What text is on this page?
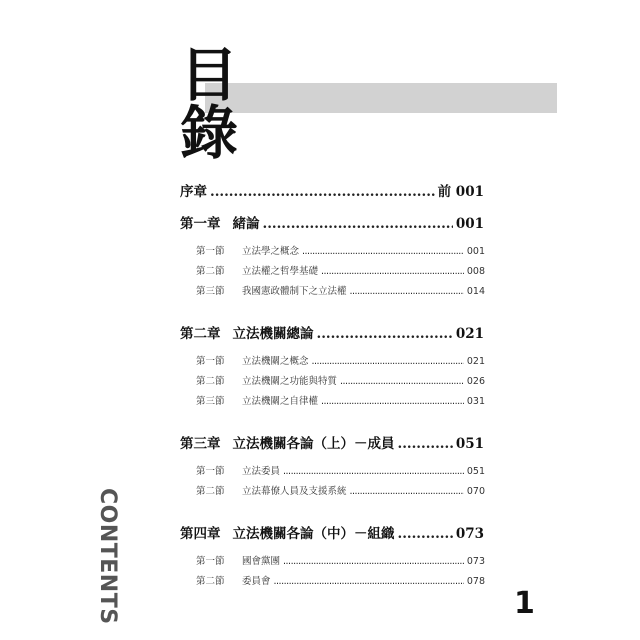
目錄
CONTENTS
序章 .....	前 001
第一章 緒論 .....	001
第一節	立法學之概念 .....	001
第二節	立法權之哲學基礎 .....	008
第三節	我國憲政體制下之立法權 .....	014
第二章 立法機關總論 .....	021
第一節	立法機關之概念 .....	021
第二節	立法機關之功能與特質 .....	026
第三節	立法機關之自律權 .....	031
第三章 立法機關各論（上）－成員 .....	051
第一節	立法委員 .....	051
第二節	立法幕僚人員及支援系統 .....	070
第四章 立法機關各論（中）－組織 .....	073
第一節	國會黨團 .....	073
第二節	委員會 .....	078
1
